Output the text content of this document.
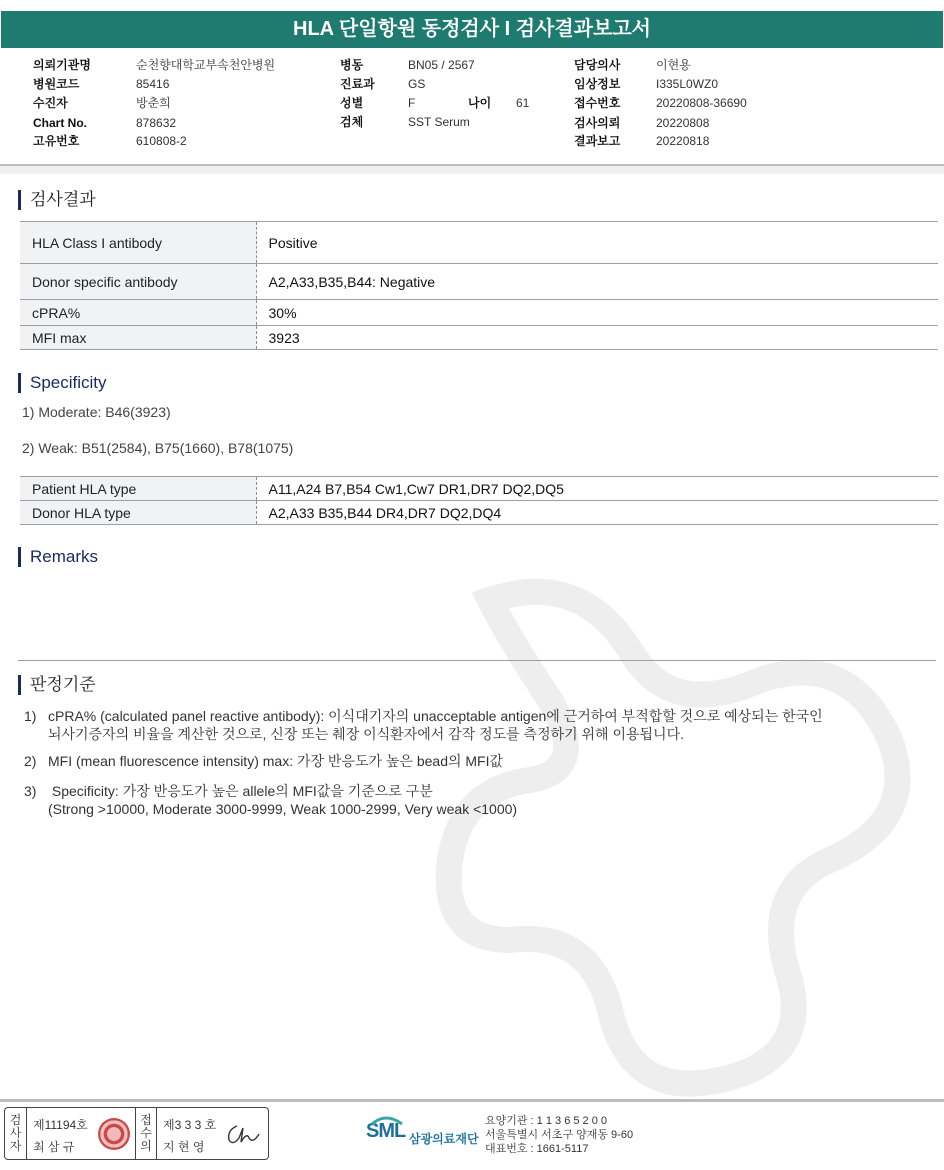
HLA 단일항원 동정검사 I 검사결과보고서
의뢰기관명	순천향대학교부속천안병원
병원코드	85416
수진자	방춘희
Chart No.	878632
고유번호	610808-2
병동	BN05 / 2567
진료과	GS
성별	F	나이 61
검체	SST Serum
담당의사	이현용
임상정보	I335L0WZ0
접수번호	20220808-36690
검사의뢰	20220808
결과보고	20220818
검사결과
HLA Class I antibody	Positive
Donor specific antibody	A2,A33,B35,B44: Negative
cPRA%	30%
MFI max	3923
Specificity
1) Moderate: B46(3923)
2) Weak: B51(2584), B75(1660), B78(1075)
Patient HLA type	A11,A24 B7,B54 Cw1,Cw7 DR1,DR7 DQ2,DQ5
Donor HLA type	A2,A33 B35,B44 DR4,DR7 DQ2,DQ4
Remarks
판정기준
1) cPRA% (calculated panel reactive antibody): 이식대기자의 unacceptable antigen에 근거하여 부적합할 것으로 예상되는 한국인
뇌사기증자의 비율을 계산한 것으로, 신장 또는 췌장 이식환자에서 감작 정도를 측정하기 위해 이용됩니다.
2) MFI (mean fluorescence intensity) max: 가장 반응도가 높은 bead의 MFI값
3) Specificity: 가장 반응도가 높은 allele의 MFI값을 기준으로 구분
(Strong >10000, Moderate 3000-9999, Weak 1000-2999, Very weak <1000)
검사자
제11194호
최 삼 규
접수의
제3 3 3 호
지 현 영
SML 삼광의료재단
요양기관 : 1 1 3 6 5 2 0 0
서울특별시 서초구 양재동 9-60
대표번호 : 1661-5117
